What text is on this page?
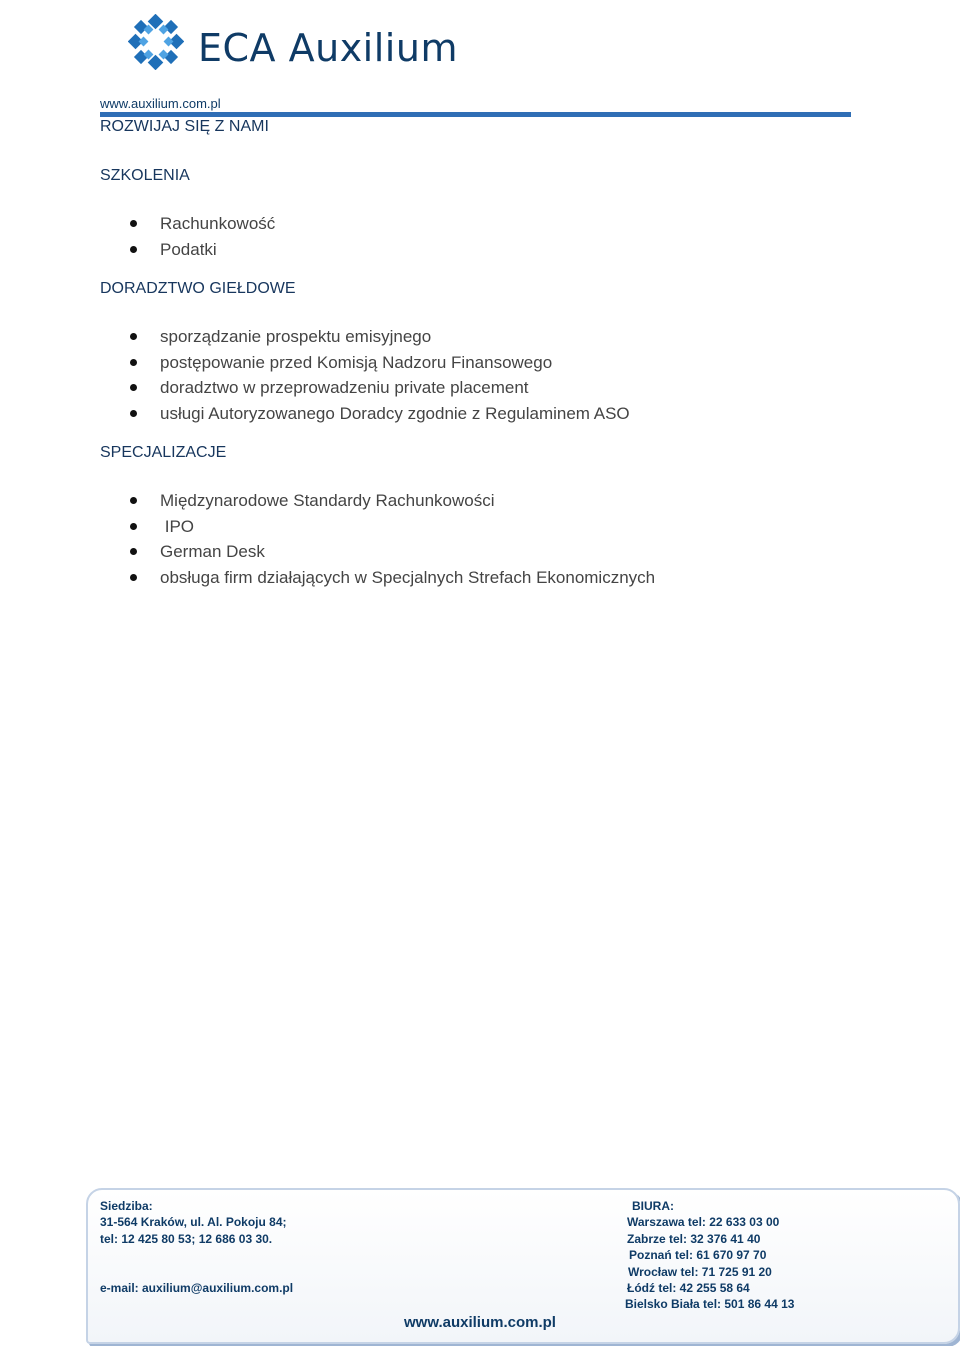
ECA Auxilium
www.auxilium.com.pl
ROZWIJAJ SIĘ Z NAMI
SZKOLENIA
Rachunkowość
Podatki
DORADZTWO GIEŁDOWE
sporządzanie prospektu emisyjnego
postępowanie przed Komisją Nadzoru Finansowego
doradztwo w przeprowadzeniu private placement
usługi Autoryzowanego Doradcy zgodnie z Regulaminem ASO
SPECJALIZACJE
Międzynarodowe Standardy Rachunkowości
IPO
German Desk
obsługa firm działających w Specjalnych Strefach Ekonomicznych
Siedziba:
31-564 Kraków, ul. Al. Pokoju 84;
tel: 12 425 80 53; 12 686 03 30.
e-mail: auxilium@auxilium.com.pl
BIURA:
Warszawa tel: 22 633 03 00
Zabrze tel: 32 376 41 40
Poznań tel: 61 670 97 70
Wrocław tel: 71 725 91 20
Łódź tel: 42 255 58 64
Bielsko Biała tel: 501 86 44 13
www.auxilium.com.pl
